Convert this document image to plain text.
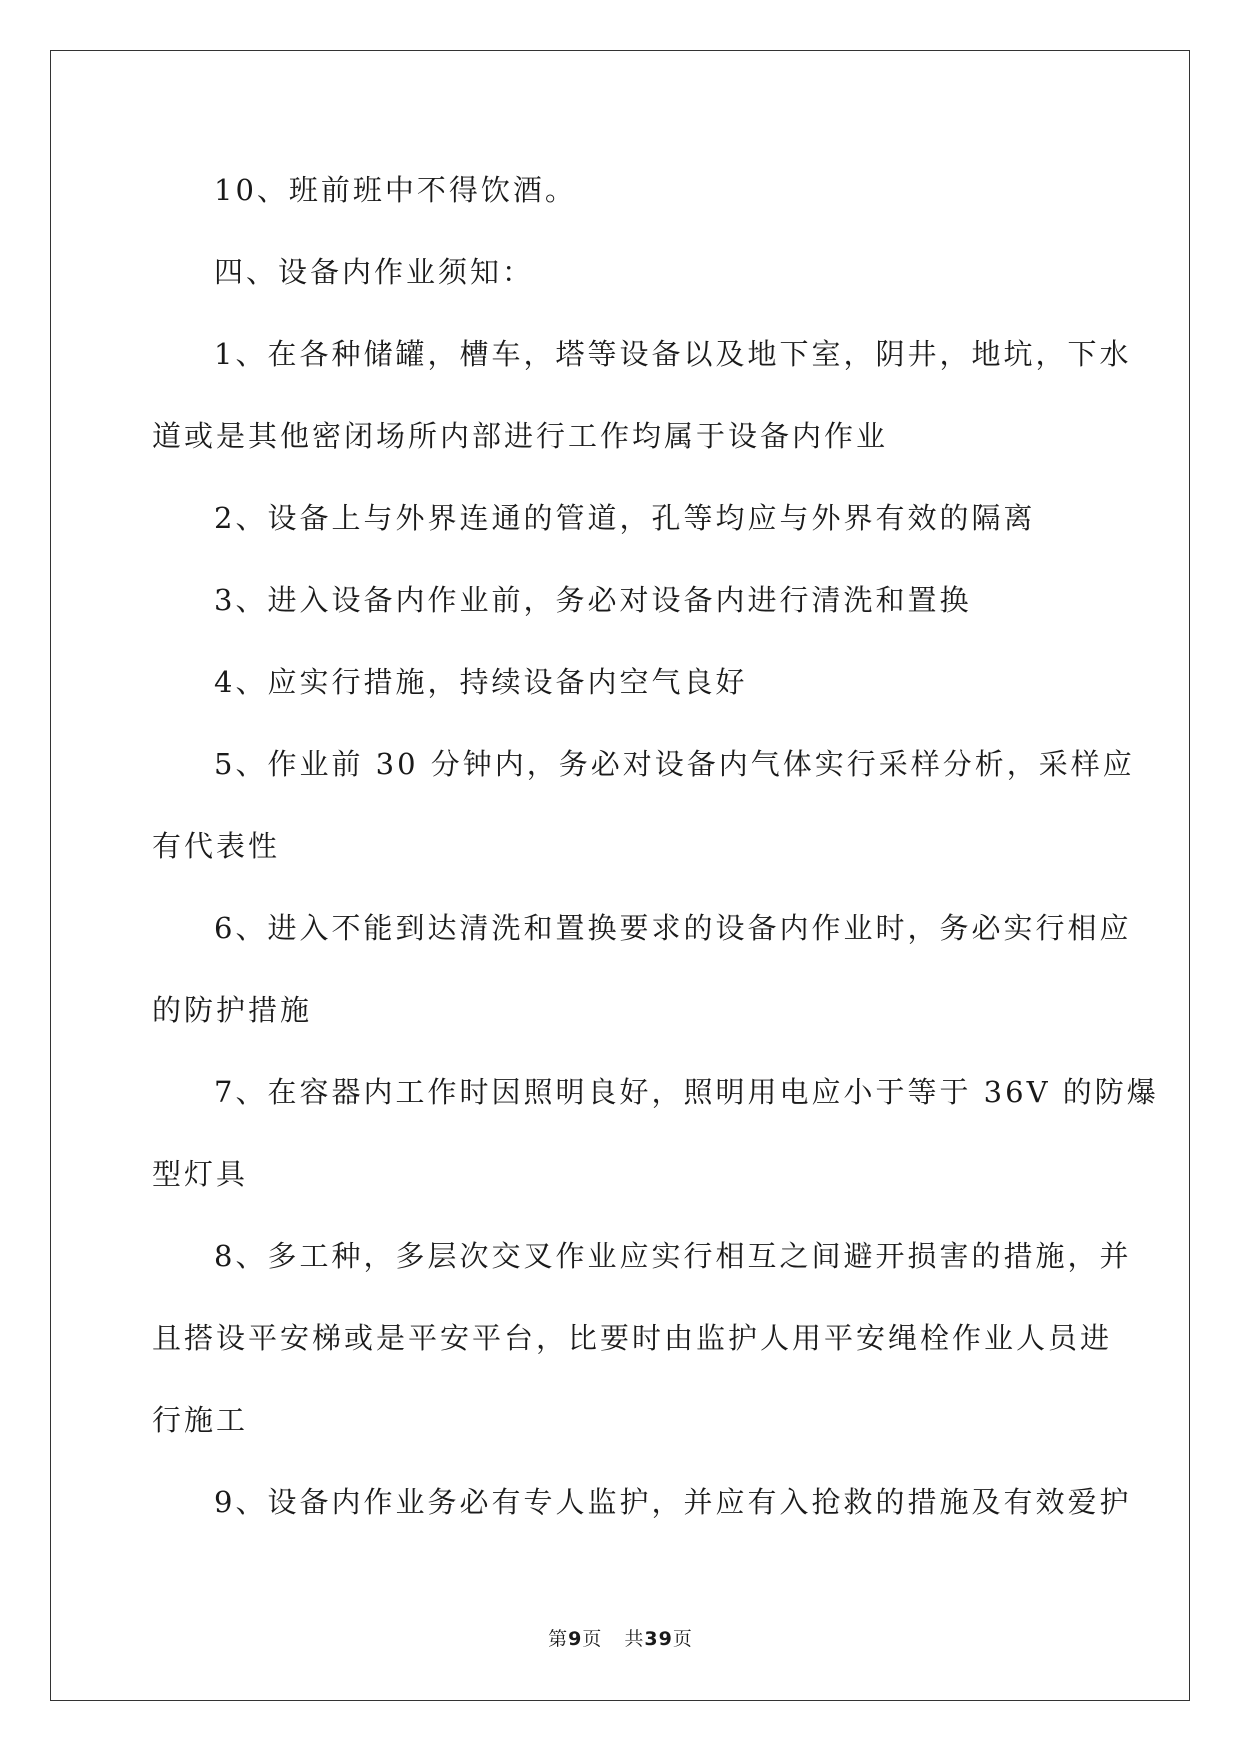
10、班前班中不得饮酒。

四、设备内作业须知：

1、在各种储罐，槽车，塔等设备以及地下室，阴井，地坑，下水

道或是其他密闭场所内部进行工作均属于设备内作业

2、设备上与外界连通的管道，孔等均应与外界有效的隔离

3、进入设备内作业前，务必对设备内进行清洗和置换

4、应实行措施，持续设备内空气良好

5、作业前 30 分钟内，务必对设备内气体实行采样分析，采样应

有代表性

6、进入不能到达清洗和置换要求的设备内作业时，务必实行相应

的防护措施

7、在容器内工作时因照明良好，照明用电应小于等于 36V 的防爆

型灯具

8、多工种，多层次交叉作业应实行相互之间避开损害的措施，并

且搭设平安梯或是平安平台，比要时由监护人用平安绳栓作业人员进

行施工

9、设备内作业务必有专人监护，并应有入抢救的措施及有效爱护

第9页 共39页
